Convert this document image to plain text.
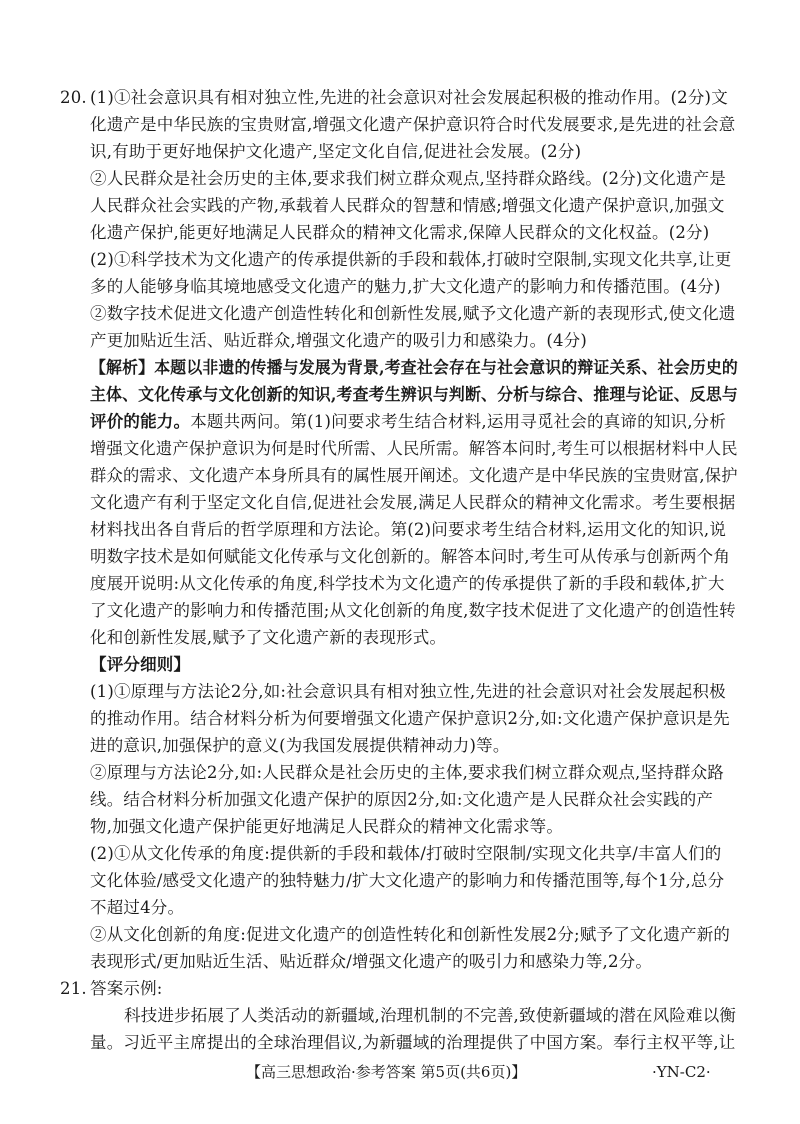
20. (1)①社会意识具有相对独立性,先进的社会意识对社会发展起积极的推动作用。(2分)文
化遗产是中华民族的宝贵财富,增强文化遗产保护意识符合时代发展要求,是先进的社会意
识,有助于更好地保护文化遗产,坚定文化自信,促进社会发展。(2分)
②人民群众是社会历史的主体,要求我们树立群众观点,坚持群众路线。(2分)文化遗产是
人民群众社会实践的产物,承载着人民群众的智慧和情感;增强文化遗产保护意识,加强文
化遗产保护,能更好地满足人民群众的精神文化需求,保障人民群众的文化权益。(2分)
(2)①科学技术为文化遗产的传承提供新的手段和载体,打破时空限制,实现文化共享,让更
多的人能够身临其境地感受文化遗产的魅力,扩大文化遗产的影响力和传播范围。(4分)
②数字技术促进文化遗产创造性转化和创新性发展,赋予文化遗产新的表现形式,使文化遗
产更加贴近生活、贴近群众,增强文化遗产的吸引力和感染力。(4分)
【解析】本题以非遗的传播与发展为背景,考查社会存在与社会意识的辩证关系、社会历史的
主体、文化传承与文化创新的知识,考查考生辨识与判断、分析与综合、推理与论证、反思与
评价的能力。本题共两问。第(1)问要求考生结合材料,运用寻觅社会的真谛的知识,分析
增强文化遗产保护意识为何是时代所需、人民所需。解答本问时,考生可以根据材料中人民
群众的需求、文化遗产本身所具有的属性展开阐述。文化遗产是中华民族的宝贵财富,保护
文化遗产有利于坚定文化自信,促进社会发展,满足人民群众的精神文化需求。考生要根据
材料找出各自背后的哲学原理和方法论。第(2)问要求考生结合材料,运用文化的知识,说
明数字技术是如何赋能文化传承与文化创新的。解答本问时,考生可从传承与创新两个角
度展开说明:从文化传承的角度,科学技术为文化遗产的传承提供了新的手段和载体,扩大
了文化遗产的影响力和传播范围;从文化创新的角度,数字技术促进了文化遗产的创造性转
化和创新性发展,赋予了文化遗产新的表现形式。
【评分细则】
(1)①原理与方法论2分,如:社会意识具有相对独立性,先进的社会意识对社会发展起积极
的推动作用。结合材料分析为何要增强文化遗产保护意识2分,如:文化遗产保护意识是先
进的意识,加强保护的意义(为我国发展提供精神动力)等。
②原理与方法论2分,如:人民群众是社会历史的主体,要求我们树立群众观点,坚持群众路
线。结合材料分析加强文化遗产保护的原因2分,如:文化遗产是人民群众社会实践的产
物,加强文化遗产保护能更好地满足人民群众的精神文化需求等。
(2)①从文化传承的角度:提供新的手段和载体/打破时空限制/实现文化共享/丰富人们的
文化体验/感受文化遗产的独特魅力/扩大文化遗产的影响力和传播范围等,每个1分,总分
不超过4分。
②从文化创新的角度:促进文化遗产的创造性转化和创新性发展2分;赋予了文化遗产新的
表现形式/更加贴近生活、贴近群众/增强文化遗产的吸引力和感染力等,2分。
21. 答案示例:
科技进步拓展了人类活动的新疆域,治理机制的不完善,致使新疆域的潜在风险难以衡
量。习近平主席提出的全球治理倡议,为新疆域的治理提供了中国方案。奉行主权平等,让
【高三思想政治·参考答案 第5页(共6页)】	·YN-C2·
